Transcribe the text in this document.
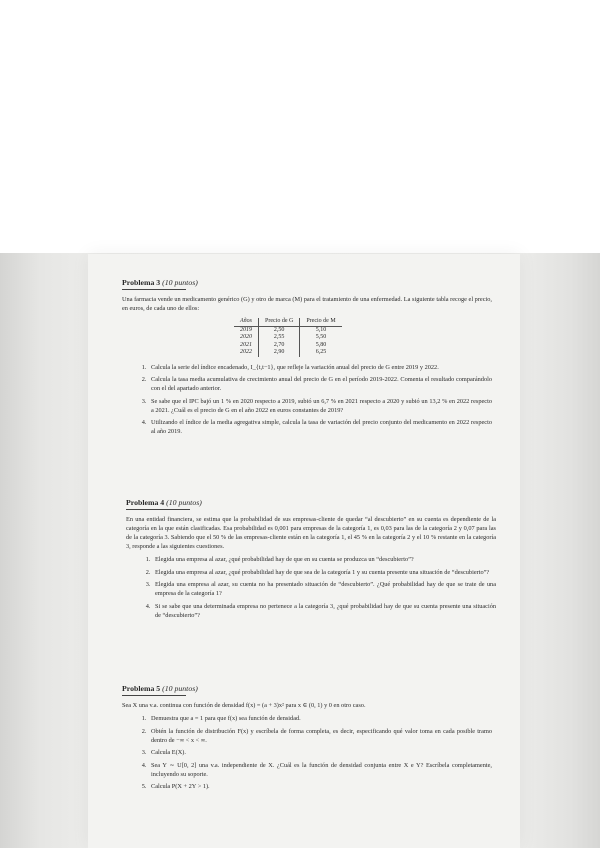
Problema 3 (10 puntos)
Una farmacia vende un medicamento genérico (G) y otro de marca (M) para el tratamiento de una enfermedad. La siguiente tabla recoge el precio, en euros, de cada uno de ellos:
Años	Precio de G	Precio de M
2019	2,50	5,10
2020	2,55	5,50
2021	2,70	5,80
2022	2,90	6,25
1. Calcula la serie del índice encadenado, I_{t,t−1}, que refleje la variación anual del precio de G entre 2019 y 2022.
2. Calcula la tasa media acumulativa de crecimiento anual del precio de G en el período 2019-2022. Comenta el resultado comparándolo con el del apartado anterior.
3. Se sabe que el IPC bajó un 1 % en 2020 respecto a 2019, subió un 6,7 % en 2021 respecto a 2020 y subió un 13,2 % en 2022 respecto a 2021. ¿Cuál es el precio de G en el año 2022 en euros constantes de 2019?
4. Utilizando el índice de la media agregativa simple, calcula la tasa de variación del precio conjunto del medicamento en 2022 respecto al año 2019.
Problema 4 (10 puntos)
En una entidad financiera, se estima que la probabilidad de sus empresas-cliente de quedar “al descubierto” en su cuenta es dependiente de la categoría en la que están clasificadas. Esa probabilidad es 0,001 para empresas de la categoría 1, es 0,03 para las de la categoría 2 y 0,07 para las de la categoría 3. Sabiendo que el 50 % de las empresas-cliente están en la categoría 1, el 45 % en la categoría 2 y el 10 % restante en la categoría 3, responde a las siguientes cuestiones.
1. Elegida una empresa al azar, ¿qué probabilidad hay de que en su cuenta se produzca un “descubierto”?
2. Elegida una empresa al azar, ¿qué probabilidad hay de que sea de la categoría 1 y su cuenta presente una situación de “descubierto”?
3. Elegida una empresa al azar, su cuenta no ha presentado situación de “descubierto”. ¿Qué probabilidad hay de que se trate de una empresa de la categoría 1?
4. Si se sabe que una determinada empresa no pertenece a la categoría 3, ¿qué probabilidad hay de que su cuenta presente una situación de “descubierto”?
Problema 5 (10 puntos)
Sea X una v.a. continua con función de densidad f(x) = (a + 3)x² para x ∈ (0, 1) y 0 en otro caso.
1. Demuestra que a = 1 para que f(x) sea función de densidad.
2. Obtén la función de distribución F(x) y escríbela de forma completa, es decir, especificando qué valor toma en cada posible tramo dentro de −∞ < x < ∞.
3. Calcula E(X).
4. Sea Y ∼ U[0, 2] una v.a. independiente de X. ¿Cuál es la función de densidad conjunta entre X e Y? Escríbela completamente, incluyendo su soporte.
5. Calcula P(X + 2Y > 1).
